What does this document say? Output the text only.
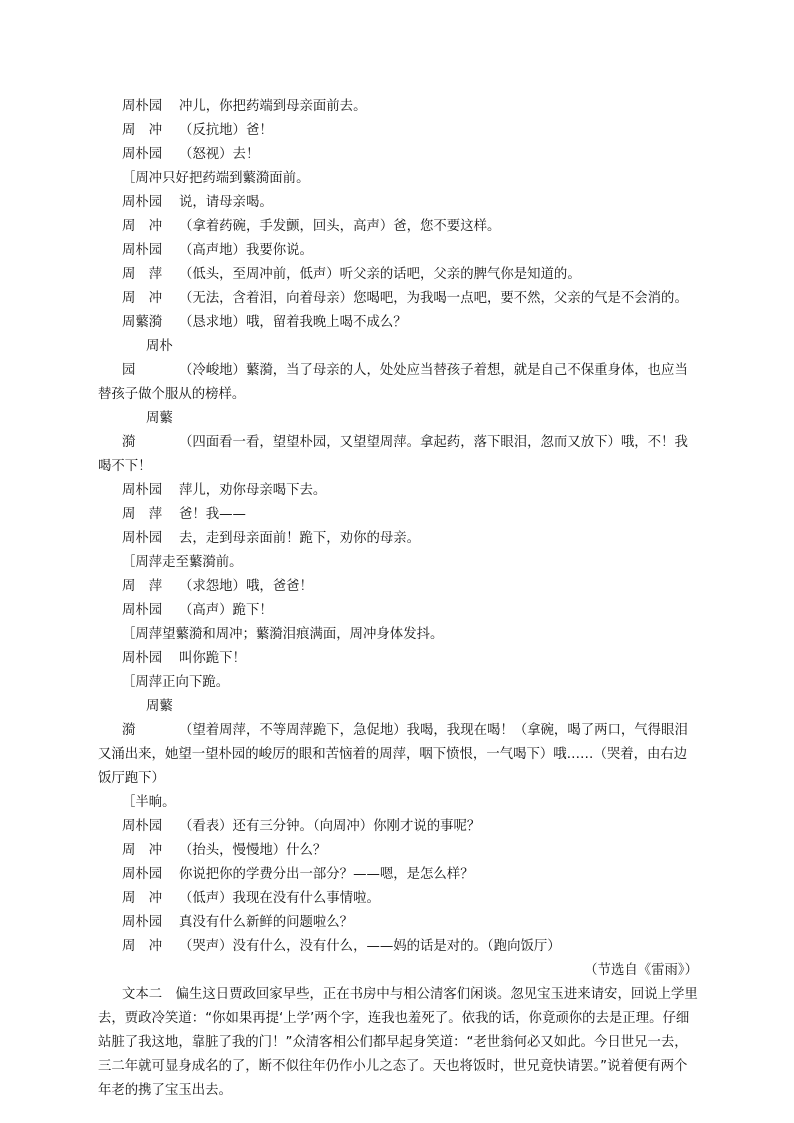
周朴园 冲儿，你把药端到母亲面前去。
周　冲 （反抗地）爸！
周朴园 （怒视）去！
［周冲只好把药端到蘩漪面前。
周朴园 说，请母亲喝。
周　冲 （拿着药碗，手发颤，回头，高声）爸，您不要这样。
周朴园 （高声地）我要你说。
周　萍 （低头，至周冲前，低声）听父亲的话吧，父亲的脾气你是知道的。
周　冲 （无法，含着泪，向着母亲）您喝吧，为我喝一点吧，要不然，父亲的气是不会消的。
周蘩漪 （恳求地）哦，留着我晚上喝不成么？
周朴园	（冷峻地）蘩漪，当了母亲的人，处处应当替孩子着想，就是自己不保重身体，也应当替孩子做个服从的榜样。
周蘩漪	（四面看一看，望望朴园，又望望周萍。拿起药，落下眼泪，忽而又放下）哦，不！我喝不下！
周朴园 萍儿，劝你母亲喝下去。
周　萍 爸！我——
周朴园 去，走到母亲面前！跪下，劝你的母亲。
［周萍走至蘩漪前。
周　萍 （求怨地）哦，爸爸！
周朴园 （高声）跪下！
［周萍望蘩漪和周冲；蘩漪泪痕满面，周冲身体发抖。
周朴园 叫你跪下！
［周萍正向下跪。
周蘩漪	（望着周萍，不等周萍跪下，急促地）我喝，我现在喝！（拿碗，喝了两口，气得眼泪又涌出来，她望一望朴园的峻厉的眼和苦恼着的周萍，咽下愤恨，一气喝下）哦……（哭着，由右边饭厅跑下）
［半晌。
周朴园 （看表）还有三分钟。（向周冲）你刚才说的事呢？
周　冲 （抬头，慢慢地）什么？
周朴园 你说把你的学费分出一部分？——嗯，是怎么样？
周　冲 （低声）我现在没有什么事情啦。
周朴园 真没有什么新鲜的问题啦么？
周　冲 （哭声）没有什么，没有什么，——妈的话是对的。（跑向饭厅）
（节选自《雷雨》）
文本二　偏生这日贾政回家早些，正在书房中与相公清客们闲谈。忽见宝玉进来请安，回说上学里去，贾政冷笑道：“你如果再提‘上学’两个字，连我也羞死了。依我的话，你竟顽你的去是正理。仔细站脏了我这地，靠脏了我的门！”众清客相公们都早起身笑道：“老世翁何必又如此。今日世兄一去，三二年就可显身成名的了，断不似往年仍作小儿之态了。天也将饭时，世兄竟快请罢。”说着便有两个年老的携了宝玉出去。
